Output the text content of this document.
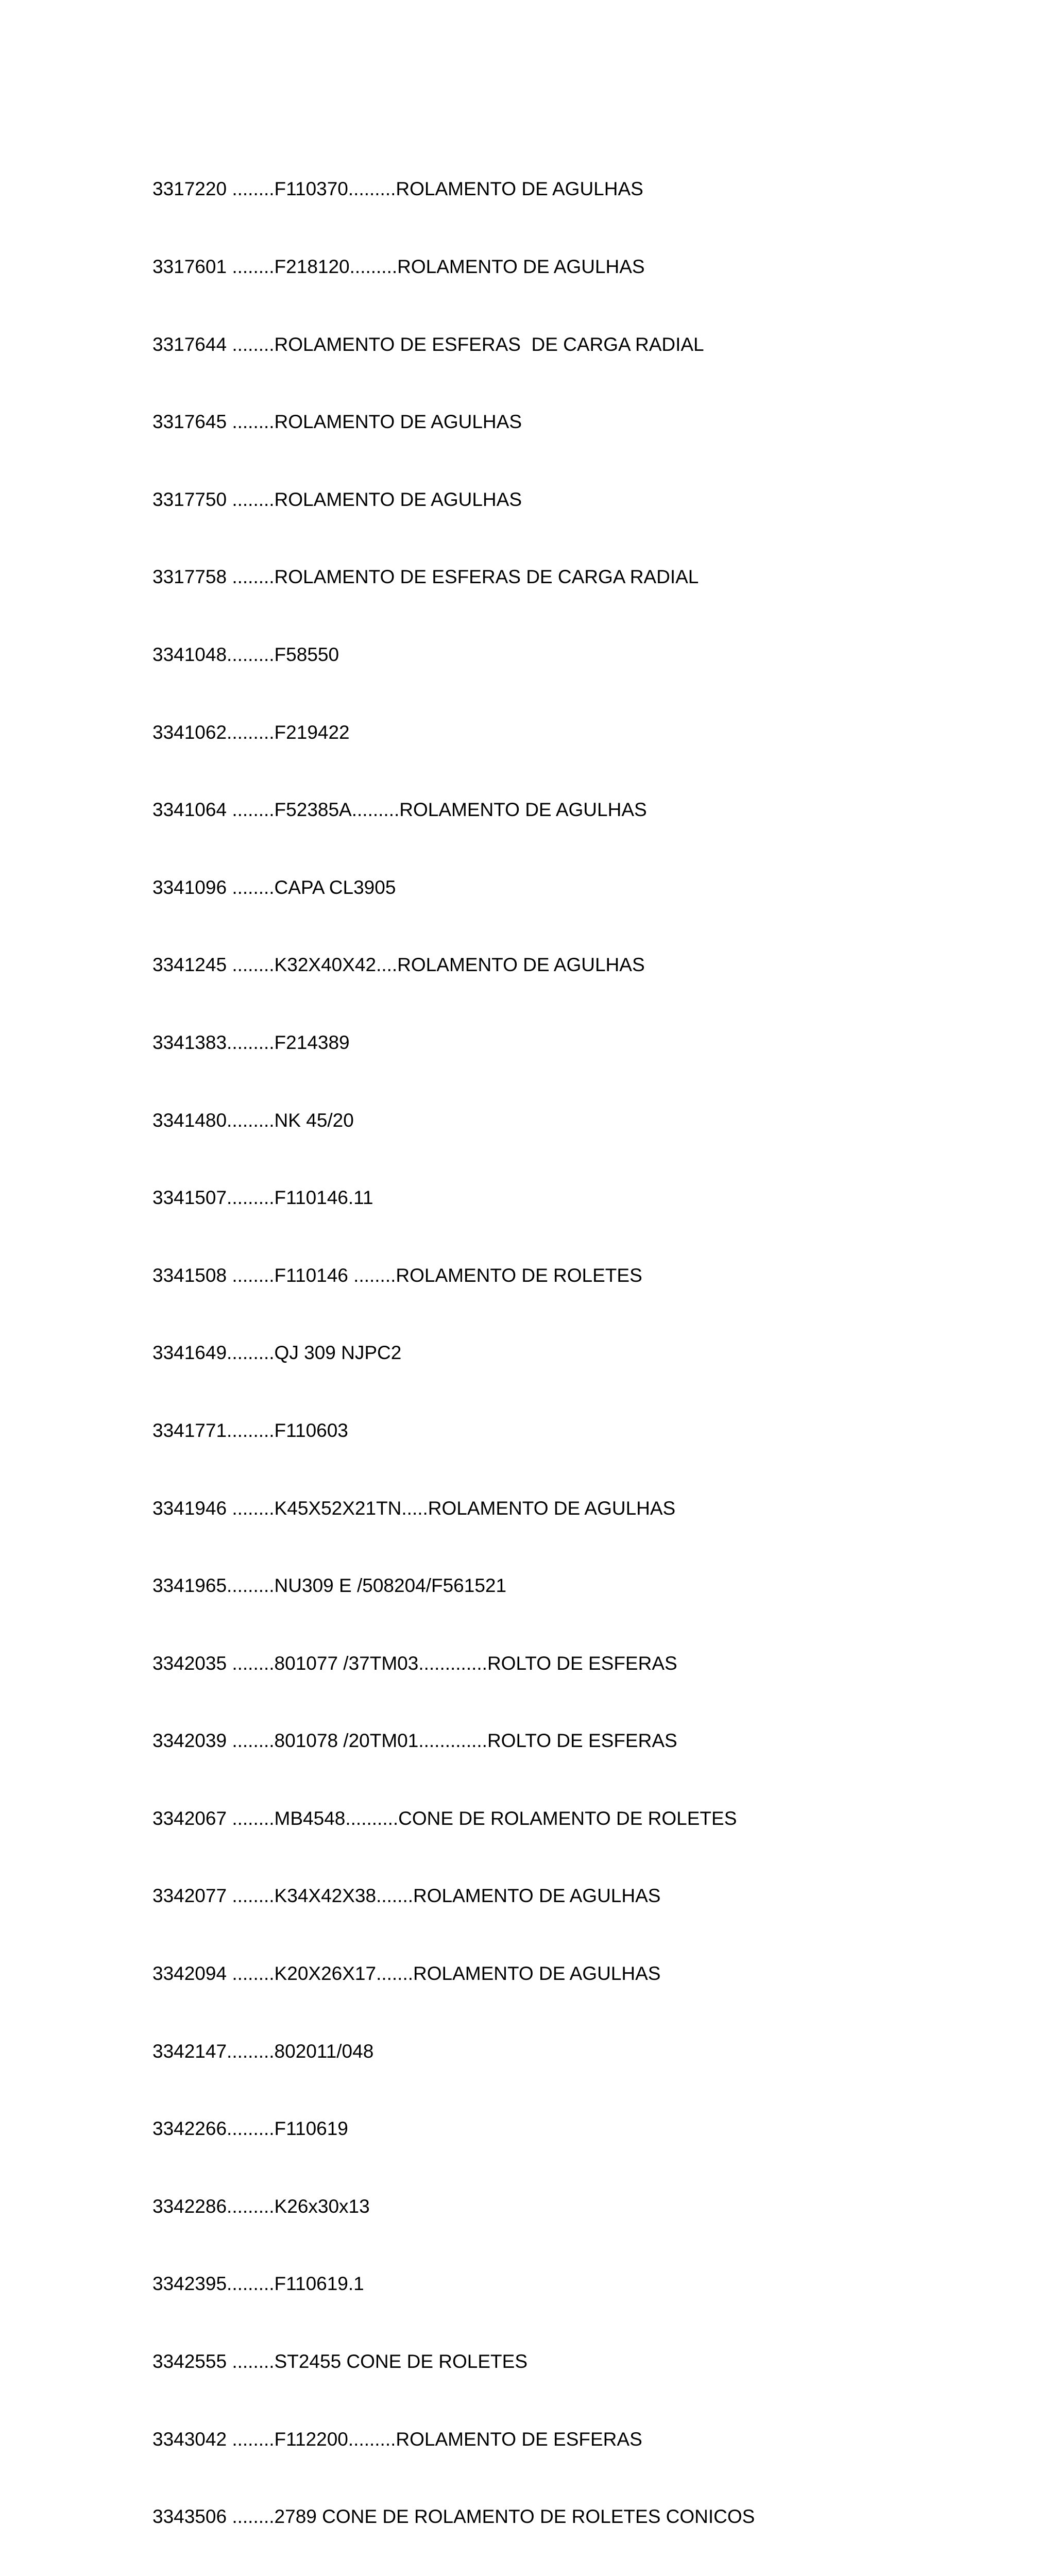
3317220 ........F110370.........ROLAMENTO DE AGULHAS

3317601 ........F218120.........ROLAMENTO DE AGULHAS

3317644 ........ROLAMENTO DE ESFERAS  DE CARGA RADIAL

3317645 ........ROLAMENTO DE AGULHAS

3317750 ........ROLAMENTO DE AGULHAS

3317758 ........ROLAMENTO DE ESFERAS DE CARGA RADIAL

3341048.........F58550

3341062.........F219422

3341064 ........F52385A.........ROLAMENTO DE AGULHAS

3341096 ........CAPA CL3905

3341245 ........K32X40X42....ROLAMENTO DE AGULHAS

3341383.........F214389

3341480.........NK 45/20

3341507.........F110146.11

3341508 ........F110146 ........ROLAMENTO DE ROLETES

3341649.........QJ 309 NJPC2

3341771.........F110603

3341946 ........K45X52X21TN.....ROLAMENTO DE AGULHAS

3341965.........NU309 E /508204/F561521

3342035 ........801077 /37TM03.............ROLTO DE ESFERAS

3342039 ........801078 /20TM01.............ROLTO DE ESFERAS

3342067 ........MB4548..........CONE DE ROLAMENTO DE ROLETES

3342077 ........K34X42X38.......ROLAMENTO DE AGULHAS

3342094 ........K20X26X17.......ROLAMENTO DE AGULHAS

3342147.........802011/048

3342266.........F110619

3342286.........K26x30x13

3342395.........F110619.1

3342555 ........ST2455 CONE DE ROLETES

3343042 ........F112200.........ROLAMENTO DE ESFERAS

3343506 ........2789 CONE DE ROLAMENTO DE ROLETES CONICOS
